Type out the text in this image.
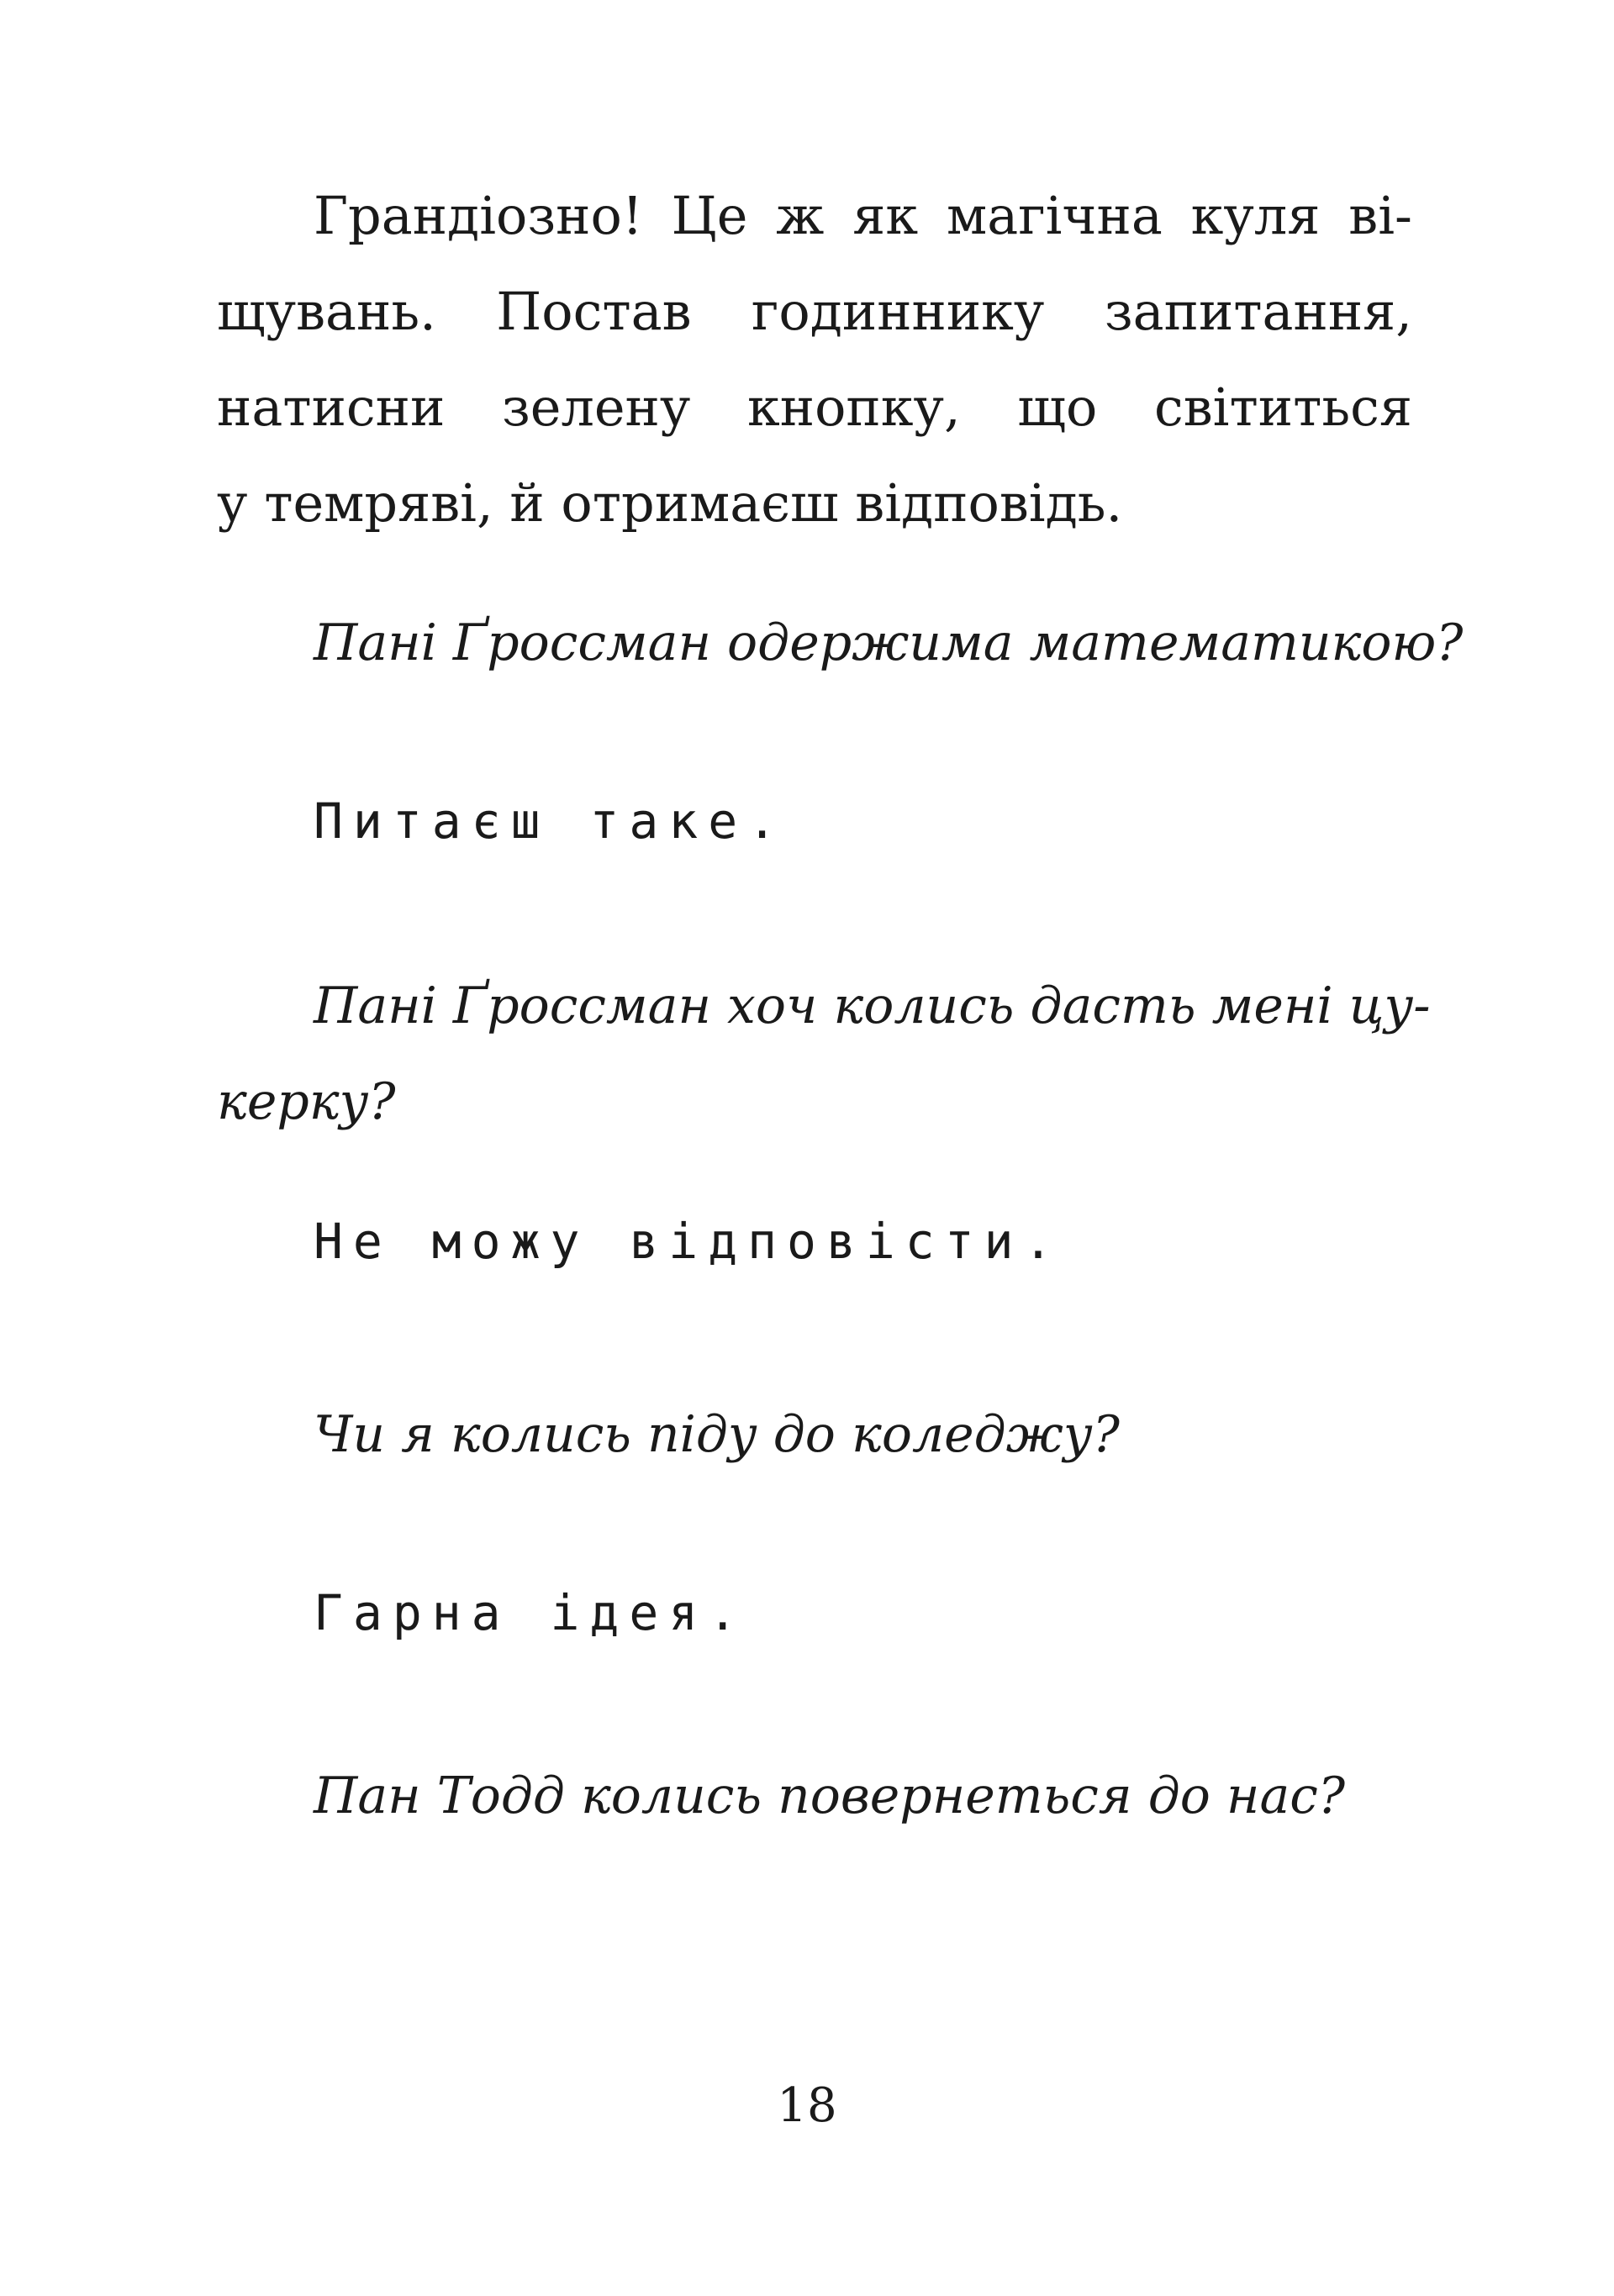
Грандіозно! Це ж як магічна куля ві-
щувань. Постав годиннику запитання,
натисни зелену кнопку, що світиться
у темряві, й отримаєш відповідь.
Пані Ґроссман одержима математикою?
Питаєш таке.
Пані Ґроссман хоч колись дасть мені цу-
керку?
Не можу відповісти.
Чи я колись піду до коледжу?
Гарна ідея.
Пан Тодд колись повернеться до нас?
18
